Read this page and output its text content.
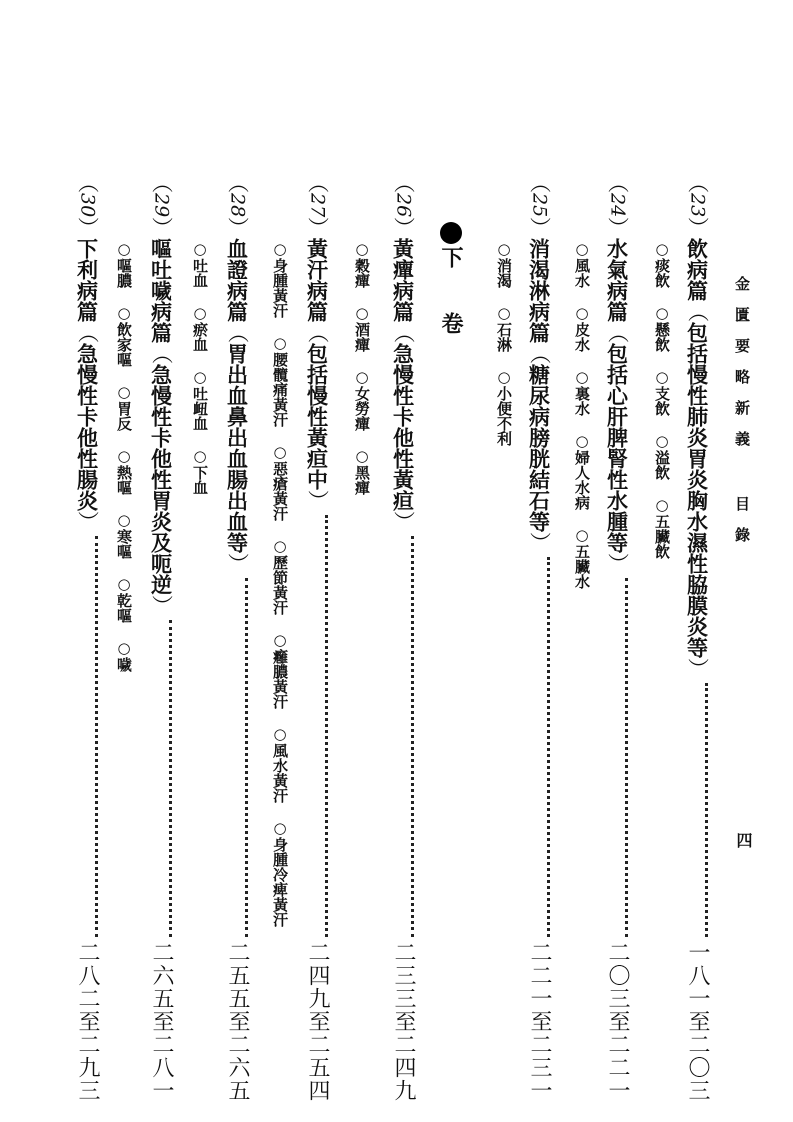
金匱要略新義目錄
四
下卷
（
23
）
飲病篇
（
包括慢性肺炎胃炎胸水濕性脇膜炎等
）
一八一至二〇三
○痰飲○懸飲○支飲○溢飲○五臟飲
（
24
）
水氣病篇
（
包括心肝脾腎性水腫等
）
二〇三至二二一
○風水○皮水○裏水○婦人水病○五臟水
（
25
）
消渴淋病篇
（
糖尿病膀胱結石等
）
二二一至二三一
○消渴○石淋○小便不利
（
26
）
黃癉病篇
（
急慢性卡他性黃疸
）
二三三至二四九
○穀癉○酒癉○女勞癉○黑癉
（
27
）
黃汗病篇
（
包括慢性黃疸中
）
二四九至二五四
○身腫黃汗○腰髖痛黃汗○惡瘡黃汗○歷節黃汗○癰膿黃汗○風水黃汗○身腫冷痺黃汗
（
28
）
血證病篇
（
胃出血鼻出血腸出血等
）
二五五至二六五
○吐血○瘀血○吐衄血○下血
（
29
）
嘔吐噦病篇
（
急慢性卡他性胃炎及呃逆
）
二六五至二八一
○嘔膿○飲家嘔○胃反○熱嘔○寒嘔○乾嘔○噦
（
30
）
下利病篇
（
急慢性卡他性腸炎
）
二八二至二九三
